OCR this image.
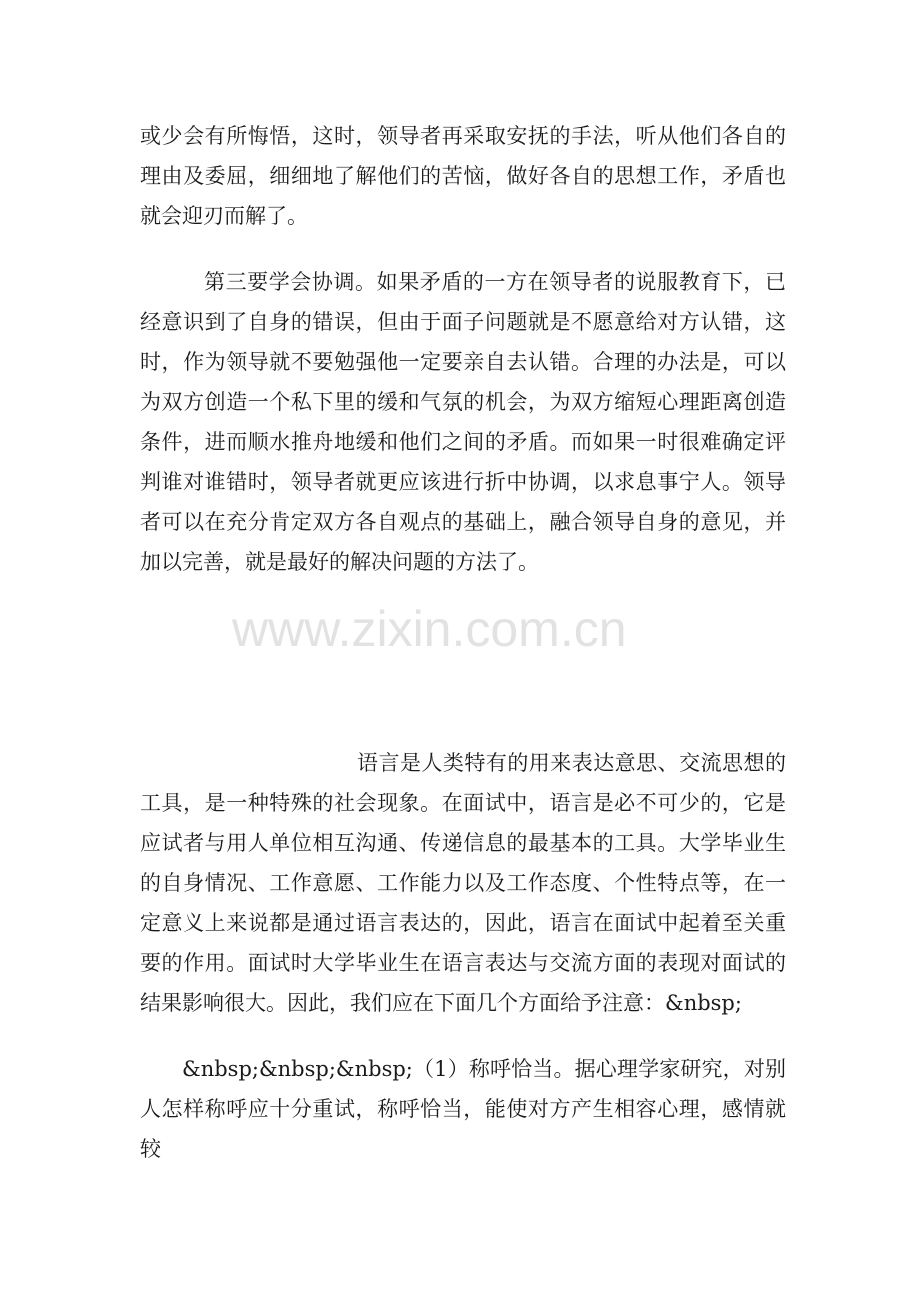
或少会有所悔悟，这时，领导者再采取安抚的手法，听从他们各自的理由及委屈，细细地了解他们的苦恼，做好各自的思想工作，矛盾也就会迎刃而解了。

第三要学会协调。如果矛盾的一方在领导者的说服教育下，已经意识到了自身的错误，但由于面子问题就是不愿意给对方认错，这时，作为领导就不要勉强他一定要亲自去认错。合理的办法是，可以为双方创造一个私下里的缓和气氛的机会，为双方缩短心理距离创造条件，进而顺水推舟地缓和他们之间的矛盾。而如果一时很难确定评判谁对谁错时，领导者就更应该进行折中协调，以求息事宁人。领导者可以在充分肯定双方各自观点的基础上，融合领导自身的意见，并加以完善，就是最好的解决问题的方法了。

语言是人类特有的用来表达意思、交流思想的工具，是一种特殊的社会现象。在面试中，语言是必不可少的，它是应试者与用人单位相互沟通、传递信息的最基本的工具。大学毕业生的自身情况、工作意愿、工作能力以及工作态度、个性特点等，在一定意义上来说都是通过语言表达的，因此，语言在面试中起着至关重要的作用。面试时大学毕业生在语言表达与交流方面的表现对面试的结果影响很大。因此，我们应在下面几个方面给予注意：&nbsp;

&nbsp;&nbsp;&nbsp;（1）称呼恰当。据心理学家研究，对别人怎样称呼应十分重试，称呼恰当，能使对方产生相容心理，感情就较

www.zixin.com.cn
